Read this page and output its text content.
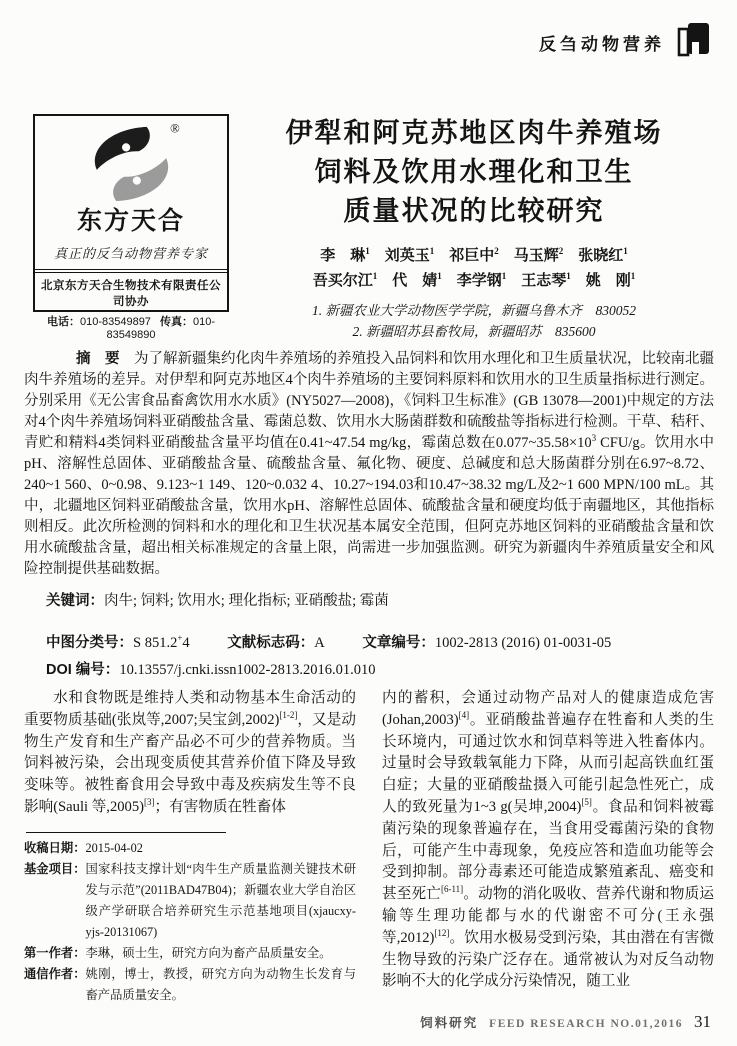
反刍动物营养
®
东方天合
真正的反刍动物营养专家
北京东方天合生物技术有限责任公司协办
电话：010-83549897 传真：010-83549890
伊犁和阿克苏地区肉牛养殖场
饲料及饮用水理化和卫生
质量状况的比较研究
李　琳$^1$　刘英玉$^1$　祁巨中$^2$　马玉辉$^2$　张晓红$^1$
吾买尔江$^1$　代　婧$^1$　李学钢$^1$　王志琴$^1$　姚　刚$^1$
1. 新疆农业大学动物医学学院，新疆乌鲁木齐　830052
2. 新疆昭苏县畜牧局，新疆昭苏　835600

摘　要　为了解新疆集约化肉牛养殖场的养殖投入品饲料和饮用水理化和卫生质量状况，比较南北疆肉牛养殖场的差异。对伊犁和阿克苏地区4个肉牛养殖场的主要饲料原料和饮用水的卫生质量指标进行测定。分别采用《无公害食品畜禽饮用水水质》(NY5027—2008)，《饲料卫生标准》(GB 13078—2001)中规定的方法对4个肉牛养殖场饲料亚硝酸盐含量、霉菌总数、饮用水大肠菌群数和硫酸盐等指标进行检测。干草、秸秆、青贮和精料4类饲料亚硝酸盐含量平均值在0.41~47.54 mg/kg，霉菌总数在$0.077\sim 35.58\times 10^3$ CFU/g。饮用水中pH、溶解性总固体、亚硝酸盐含量、硫酸盐含量、氟化物、硬度、总碱度和总大肠菌群分别在6.97~8.72、240~1 560、0~0.98、9.123~1 149、120~0.032 4、10.27~194.03和10.47~38.32 mg/L及2~1 600 MPN/100 mL。其中，北疆地区饲料亚硝酸盐含量，饮用水pH、溶解性总固体、硫酸盐含量和硬度均低于南疆地区，其他指标则相反。此次所检测的饲料和水的理化和卫生状况基本属安全范围，但阿克苏地区饲料的亚硝酸盐含量和饮用水硫酸盐含量，超出相关标准规定的含量上限，尚需进一步加强监测。研究为新疆肉牛养殖质量安全和风险控制提供基础数据。

关键词：肉牛; 饲料; 饮用水; 理化指标; 亚硝酸盐; 霉菌
中图分类号：S 851.2+4	文献标志码：A	文章编号：1002-2813 (2016) 01-0031-05
DOI 编号：10.13557/j.cnki.issn1002-2813.2016.01.010

水和食物既是维持人类和动物基本生命活动的重要物质基础(张岚等,2007;吴宝剑,2002)[1-2]，又是动物生产发育和生产畜产品必不可少的营养物质。当饲料被污染，会出现变质使其营养价值下降及导致变味等。被牲畜食用会导致中毒及疾病发生等不良影响(Sauli 等,2005)[3]；有害物质在牲畜体

收稿日期： 2015-04-02
基金项目： 国家科技支撑计划“肉牛生产质量监测关键技术研发与示范”(2011BAD47B04)；新疆农业大学自治区级产学研联合培养研究生示范基地项目(xjaucxy-yjs-20131067)
第一作者： 李琳，硕士生，研究方向为畜产品质量安全。
通信作者： 姚刚，博士，教授，研究方向为动物生长发育与畜产品质量安全。

内的蓄积，会通过动物产品对人的健康造成危害(Johan,2003)[4]。亚硝酸盐普遍存在牲畜和人类的生长环境内，可通过饮水和饲草料等进入牲畜体内。过量时会导致载氧能力下降，从而引起高铁血红蛋白症；大量的亚硝酸盐摄入可能引起急性死亡，成人的致死量为1~3 g(吴坤,2004)[5]。食品和饲料被霉菌污染的现象普遍存在，当食用受霉菌污染的食物后，可能产生中毒现象，免疫应答和造血功能等会受到抑制。部分毒素还可能造成繁殖紊乱、癌变和甚至死亡[6-11]。动物的消化吸收、营养代谢和物质运输等生理功能都与水的代谢密不可分(王永强等,2012)[12]。饮用水极易受到污染，其由潜在有害微生物导致的污染广泛存在。通常被认为对反刍动物影响不大的化学成分污染情况，随工业

饲料研究 FEED RESEARCH NO.01,2016 31
